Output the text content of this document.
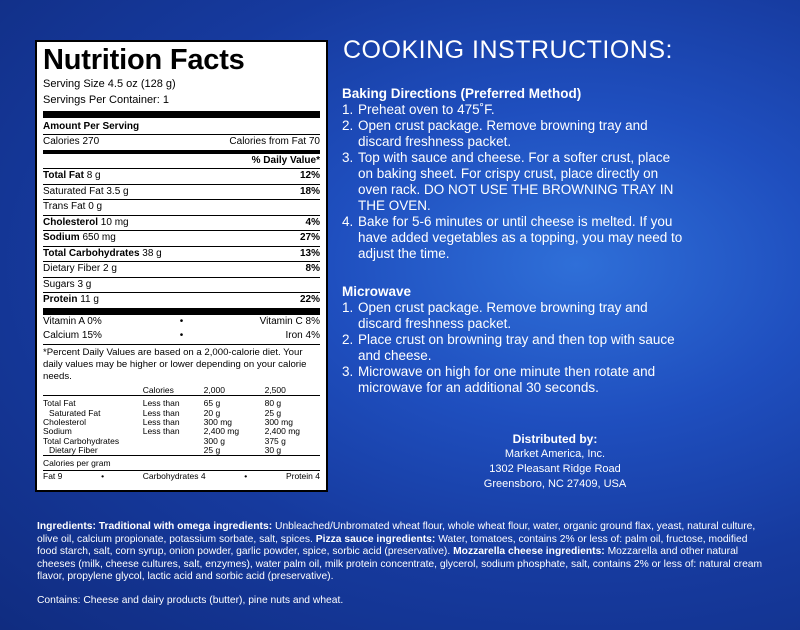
Nutrition Facts
Serving Size 4.5 oz (128 g)
Servings Per Container: 1
Amount Per Serving
Calories 270	Calories from Fat 70
% Daily Value*
Total Fat 8 g	12%
Saturated Fat 3.5 g	18%
Trans Fat 0 g
Cholesterol 10 mg	4%
Sodium 650 mg	27%
Total Carbohydrates 38 g	13%
Dietary Fiber 2 g	8%
Sugars 3 g
Protein 11 g	22%
Vitamin A 0%	•	Vitamin C 8%
Calcium 15%	•	Iron 4%
*Percent Daily Values are based on a 2,000-calorie diet. Your daily values may be higher or lower depending on your calorie needs.
	Calories	2,000	2,500
Total Fat	Less than	65 g	80 g
Saturated Fat	Less than	20 g	25 g
Cholesterol	Less than	300 mg	300 mg
Sodium	Less than	2,400 mg	2,400 mg
Total Carbohydrates		300 g	375 g
Dietary Fiber		25 g	30 g
Calories per gram
Fat 9	•	Carbohydrates 4	•	Protein 4
COOKING INSTRUCTIONS:
Baking Directions (Preferred Method)
1. Preheat oven to 475˚F.
2. Open crust package. Remove browning tray and discard freshness packet.
3. Top with sauce and cheese. For a softer crust, place on baking sheet. For crispy crust, place directly on oven rack. DO NOT USE THE BROWNING TRAY IN THE OVEN.
4. Bake for 5-6 minutes or until cheese is melted. If you have added vegetables as a topping, you may need to adjust the time.
Microwave
1. Open crust package. Remove browning tray and discard freshness packet.
2. Place crust on browning tray and then top with sauce and cheese.
3. Microwave on high for one minute then rotate and microwave for an additional 30 seconds.
Distributed by:
Market America, Inc.
1302 Pleasant Ridge Road
Greensboro, NC 27409, USA
Ingredients: Traditional with omega ingredients: Unbleached/Unbromated wheat flour, whole wheat flour, water, organic ground flax, yeast, natural culture, olive oil, calcium propionate, potassium sorbate, salt, spices. Pizza sauce ingredients: Water, tomatoes, contains 2% or less of: palm oil, fructose, modified food starch, salt, corn syrup, onion powder, garlic powder, spice, sorbic acid (preservative). Mozzarella cheese ingredients: Mozzarella and other natural cheeses (milk, cheese cultures, salt, enzymes), water palm oil, milk protein concentrate, glycerol, sodium phosphate, salt, contains 2% or less of: natural cream flavor, propylene glycol, lactic acid and sorbic acid (preservative).
Contains: Cheese and dairy products (butter), pine nuts and wheat.
